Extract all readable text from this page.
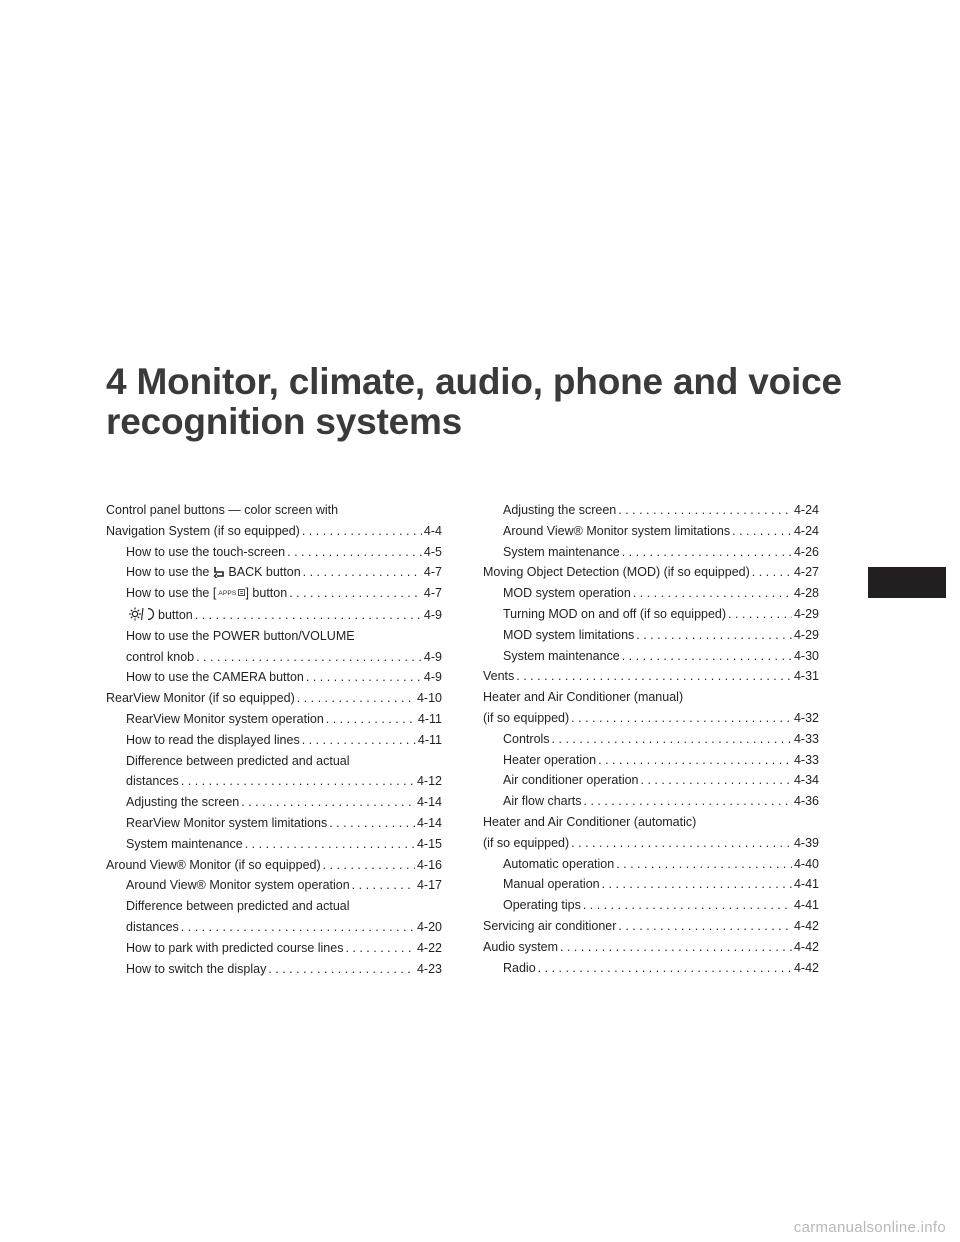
4 Monitor, climate, audio, phone and voice
recognition systems
Control panel buttons — color screen with
Navigation System (if so equipped) . . .	4-4
How to use the touch-screen . . .	4-5
How to use the BACK button . . .	4-7
How to use the [ APPS ] button . . .	4-7
button . . .	4-9
How to use the POWER button/VOLUME
control knob . . .	4-9
How to use the CAMERA button . . .	4-9
RearView Monitor (if so equipped) . . .	4-10
RearView Monitor system operation . . .	4-11
How to read the displayed lines . . .	4-11
Difference between predicted and actual
distances . . .	4-12
Adjusting the screen . . .	4-14
RearView Monitor system limitations . . .	4-14
System maintenance . . .	4-15
Around View® Monitor (if so equipped) . . .	4-16
Around View® Monitor system operation . . .	4-17
Difference between predicted and actual
distances . . .	4-20
How to park with predicted course lines . . .	4-22
How to switch the display . . .	4-23
Adjusting the screen . . .	4-24
Around View® Monitor system limitations . . .	4-24
System maintenance . . .	4-26
Moving Object Detection (MOD) (if so equipped) . . .	4-27
MOD system operation . . .	4-28
Turning MOD on and off (if so equipped) . . .	4-29
MOD system limitations . . .	4-29
System maintenance . . .	4-30
Vents . . .	4-31
Heater and Air Conditioner (manual)
(if so equipped) . . .	4-32
Controls . . .	4-33
Heater operation . . .	4-33
Air conditioner operation . . .	4-34
Air flow charts . . .	4-36
Heater and Air Conditioner (automatic)
(if so equipped) . . .	4-39
Automatic operation . . .	4-40
Manual operation . . .	4-41
Operating tips . . .	4-41
Servicing air conditioner . . .	4-42
Audio system . . .	4-42
Radio . . .	4-42
carmanualsonline.info
